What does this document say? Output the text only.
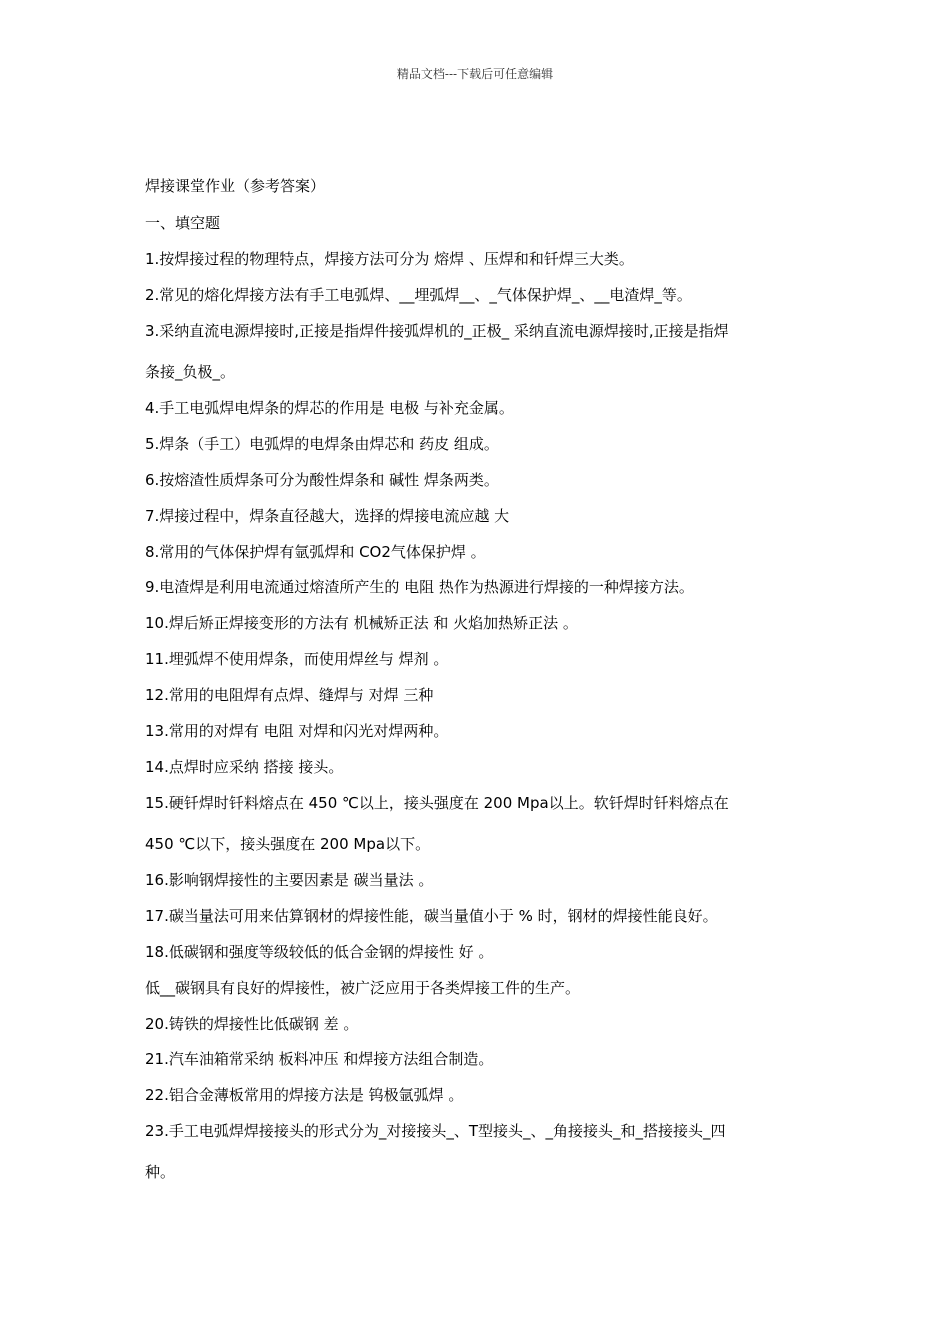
精品文档---下载后可任意编辑
焊接课堂作业（参考答案）
一、填空题
1.按焊接过程的物理特点，焊接方法可分为 熔焊 、压焊和和钎焊三大类。
2.常见的熔化焊接方法有手工电弧焊、__埋弧焊__、_气体保护焊_、__电渣焊_等。
3.采纳直流电源焊接时,正接是指焊件接弧焊机的_正极_ 采纳直流电源焊接时,正接是指焊
条接_负极_。
4.手工电弧焊电焊条的焊芯的作用是 电极 与补充金属。
5.焊条（手工）电弧焊的电焊条由焊芯和 药皮 组成。
6.按熔渣性质焊条可分为酸性焊条和 碱性 焊条两类。
7.焊接过程中，焊条直径越大，选择的焊接电流应越 大
8.常用的气体保护焊有氩弧焊和 CO2气体保护焊 。
9.电渣焊是利用电流通过熔渣所产生的 电阻 热作为热源进行焊接的一种焊接方法。
10.焊后矫正焊接变形的方法有 机械矫正法 和 火焰加热矫正法 。
11.埋弧焊不使用焊条，而使用焊丝与 焊剂 。
12.常用的电阻焊有点焊、缝焊与 对焊 三种
13.常用的对焊有 电阻 对焊和闪光对焊两种。
14.点焊时应采纳 搭接 接头。
15.硬钎焊时钎料熔点在 450 ℃以上，接头强度在 200 Mpa以上。软钎焊时钎料熔点在
450 ℃以下，接头强度在 200 Mpa以下。
16.影响钢焊接性的主要因素是 碳当量法 。
17.碳当量法可用来估算钢材的焊接性能，碳当量值小于 % 时，钢材的焊接性能良好。
18.低碳钢和强度等级较低的低合金钢的焊接性 好 。
低__碳钢具有良好的焊接性，被广泛应用于各类焊接工件的生产。
20.铸铁的焊接性比低碳钢 差 。
21.汽车油箱常采纳 板料冲压 和焊接方法组合制造。
22.铝合金薄板常用的焊接方法是 钨极氩弧焊 。
23.手工电弧焊焊接接头的形式分为_对接接头_、T型接头_、_角接接头_和_搭接接头_四
种。
